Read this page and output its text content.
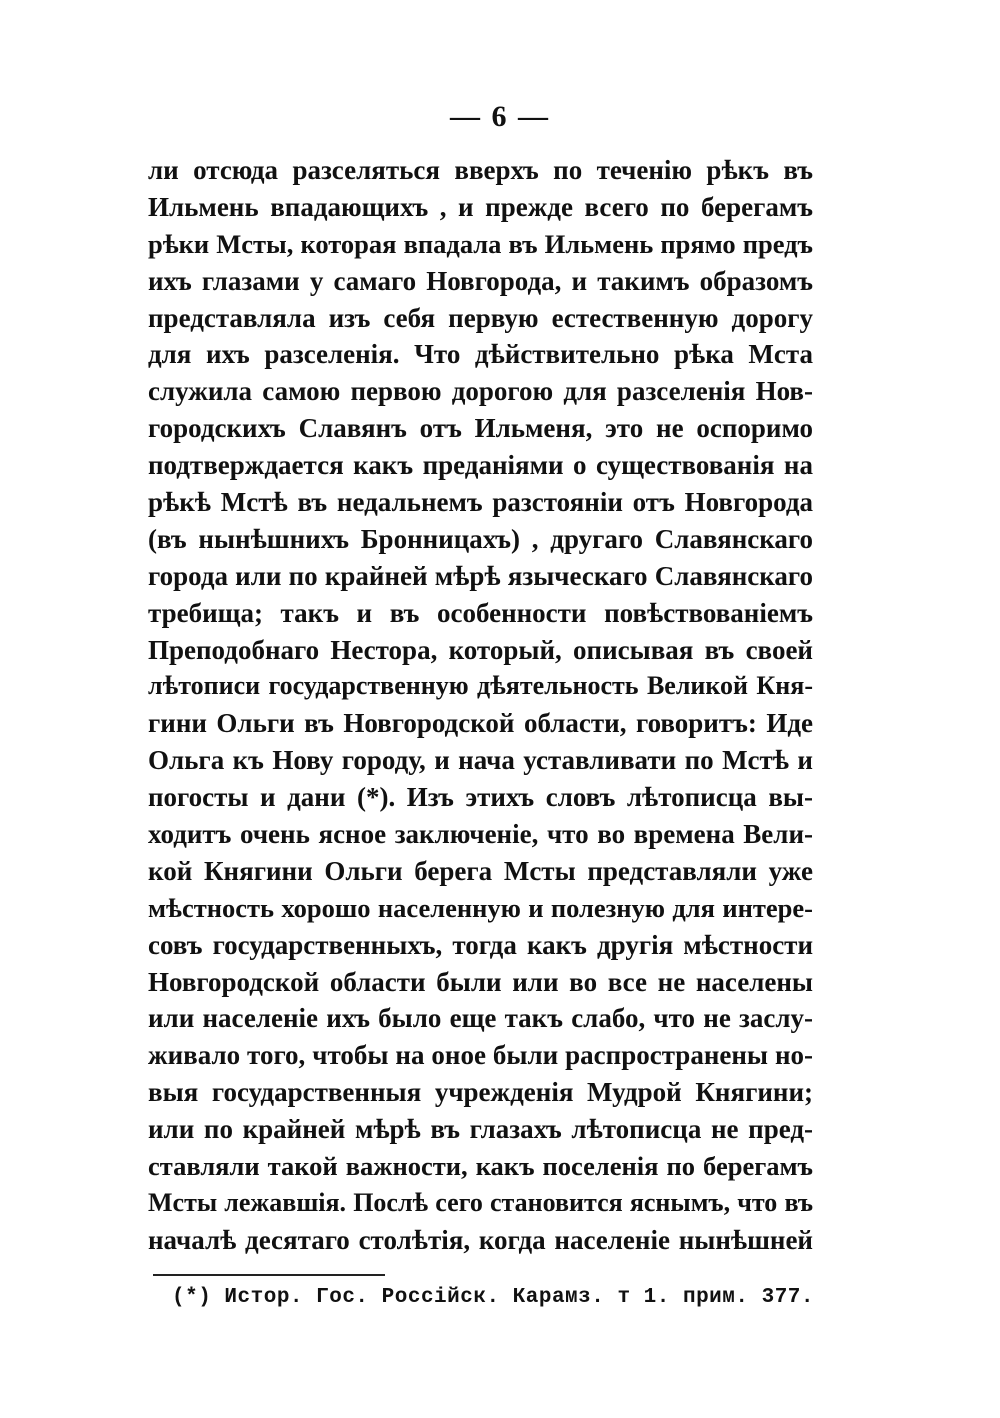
— 6 —
ли отсюда разселяться вверхъ по теченію рѣкъ въ
Ильмень впадающихъ , и прежде всего по берегамъ
рѣки Мсты, которая впадала въ Ильмень прямо предъ
ихъ глазами у самаго Новгорода, и такимъ образомъ
представляла изъ себя первую естественную дорогу
для ихъ разселенія. Что дѣйствительно рѣка Мста
служила самою первою дорогою для разселенія Нов-
городскихъ Славянъ отъ Ильменя, это не оспоримо
подтверждается какъ преданіями о существованія на
рѣкѣ Мстѣ въ недальнемъ разстояніи отъ Новгорода
(въ нынѣшнихъ Бронницахъ) , другаго Славянскаго
города или по крайней мѣрѣ языческаго Славянскаго
требища; такъ и въ особенности повѣствованіемъ
Преподобнаго Нестора, который, описывая въ своей
лѣтописи государственную дѣятельность Великой Кня-
гини Ольги въ Новгородской области, говоритъ: Иде
Ольга къ Нову городу, и нача уставливати по Мстѣ и
погосты и дани (*). Изъ этихъ словъ лѣтописца вы-
ходитъ очень ясное заключеніе, что во времена Вели-
кой Княгини Ольги берега Мсты представляли уже
мѣстность хорошо населенную и полезную для интере-
совъ государственныхъ, тогда какъ другія мѣстности
Новгородской области были или во все не населены
или населеніе ихъ было еще такъ слабо, что не заслу-
живало того, чтобы на оное были распространены но-
выя государственныя учрежденія Мудрой Княгини;
или по крайней мѣрѣ въ глазахъ лѣтописца не пред-
ставляли такой важности, какъ поселенія по берегамъ
Мсты лежавшія. Послѣ сего становится яснымъ, что въ
началѣ десятаго столѣтія, когда населеніе нынѣшней
(*) Истор. Гос. Россійск. Карамз. т 1. прим. 377.
